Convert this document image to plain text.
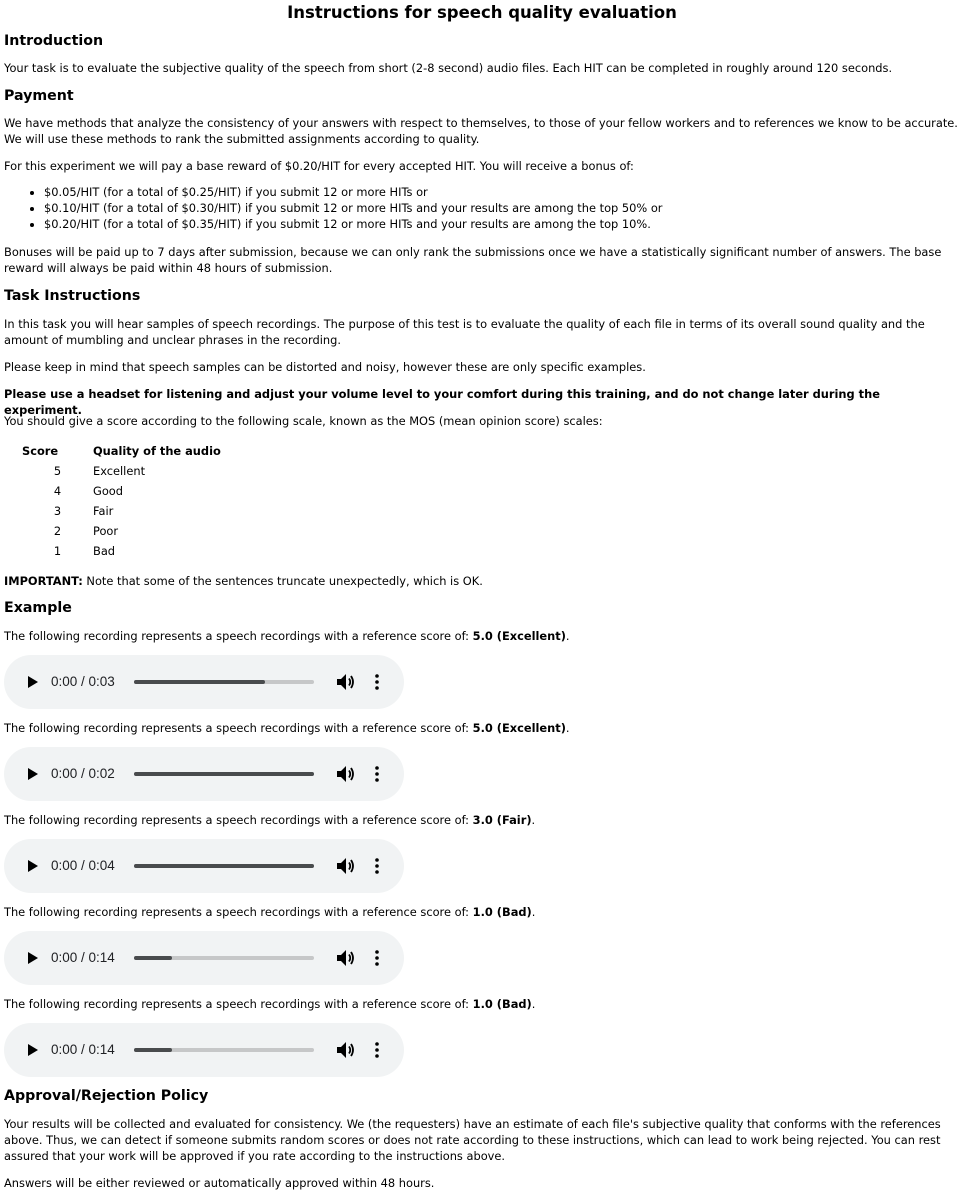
Instructions for speech quality evaluation
Introduction

Your task is to evaluate the subjective quality of the speech from short (2-8 second) audio files. Each HIT can be completed in roughly around 120 seconds.

Payment

We have methods that analyze the consistency of your answers with respect to themselves, to those of your fellow workers and to references we know to be accurate. We will use these methods to rank the submitted assignments according to quality.

For this experiment we will pay a base reward of $0.20/HIT for every accepted HIT. You will receive a bonus of:

• $0.05/HIT (for a total of $0.25/HIT) if you submit 12 or more HITs or
• $0.10/HIT (for a total of $0.30/HIT) if you submit 12 or more HITs and your results are among the top 50% or
• $0.20/HIT (for a total of $0.35/HIT) if you submit 12 or more HITs and your results are among the top 10%.

Bonuses will be paid up to 7 days after submission, because we can only rank the submissions once we have a statistically significant number of answers. The base reward will always be paid within 48 hours of submission.

Task Instructions

In this task you will hear samples of speech recordings. The purpose of this test is to evaluate the quality of each file in terms of its overall sound quality and the amount of mumbling and unclear phrases in the recording.

Please keep in mind that speech samples can be distorted and noisy, however these are only specific examples.

Please use a headset for listening and adjust your volume level to your comfort during this training, and do not change later during the experiment.

You should give a score according to the following scale, known as the MOS (mean opinion score) scales:

Score	Quality of the audio
5	Excellent
4	Good
3	Fair
2	Poor
1	Bad

IMPORTANT: Note that some of the sentences truncate unexpectedly, which is OK.

Example

The following recording represents a speech recordings with a reference score of: 5.0 (Excellent).

0:00 / 0:03

The following recording represents a speech recordings with a reference score of: 5.0 (Excellent).

0:00 / 0:02

The following recording represents a speech recordings with a reference score of: 3.0 (Fair).

0:00 / 0:04

The following recording represents a speech recordings with a reference score of: 1.0 (Bad).

0:00 / 0:14

The following recording represents a speech recordings with a reference score of: 1.0 (Bad).

0:00 / 0:14
Approval/Rejection Policy

Your results will be collected and evaluated for consistency. We (the requesters) have an estimate of each file's subjective quality that conforms with the references above. Thus, we can detect if someone submits random scores or does not rate according to these instructions, which can lead to work being rejected. You can rest assured that your work will be approved if you rate according to the instructions above.

Answers will be either reviewed or automatically approved within 48 hours.
